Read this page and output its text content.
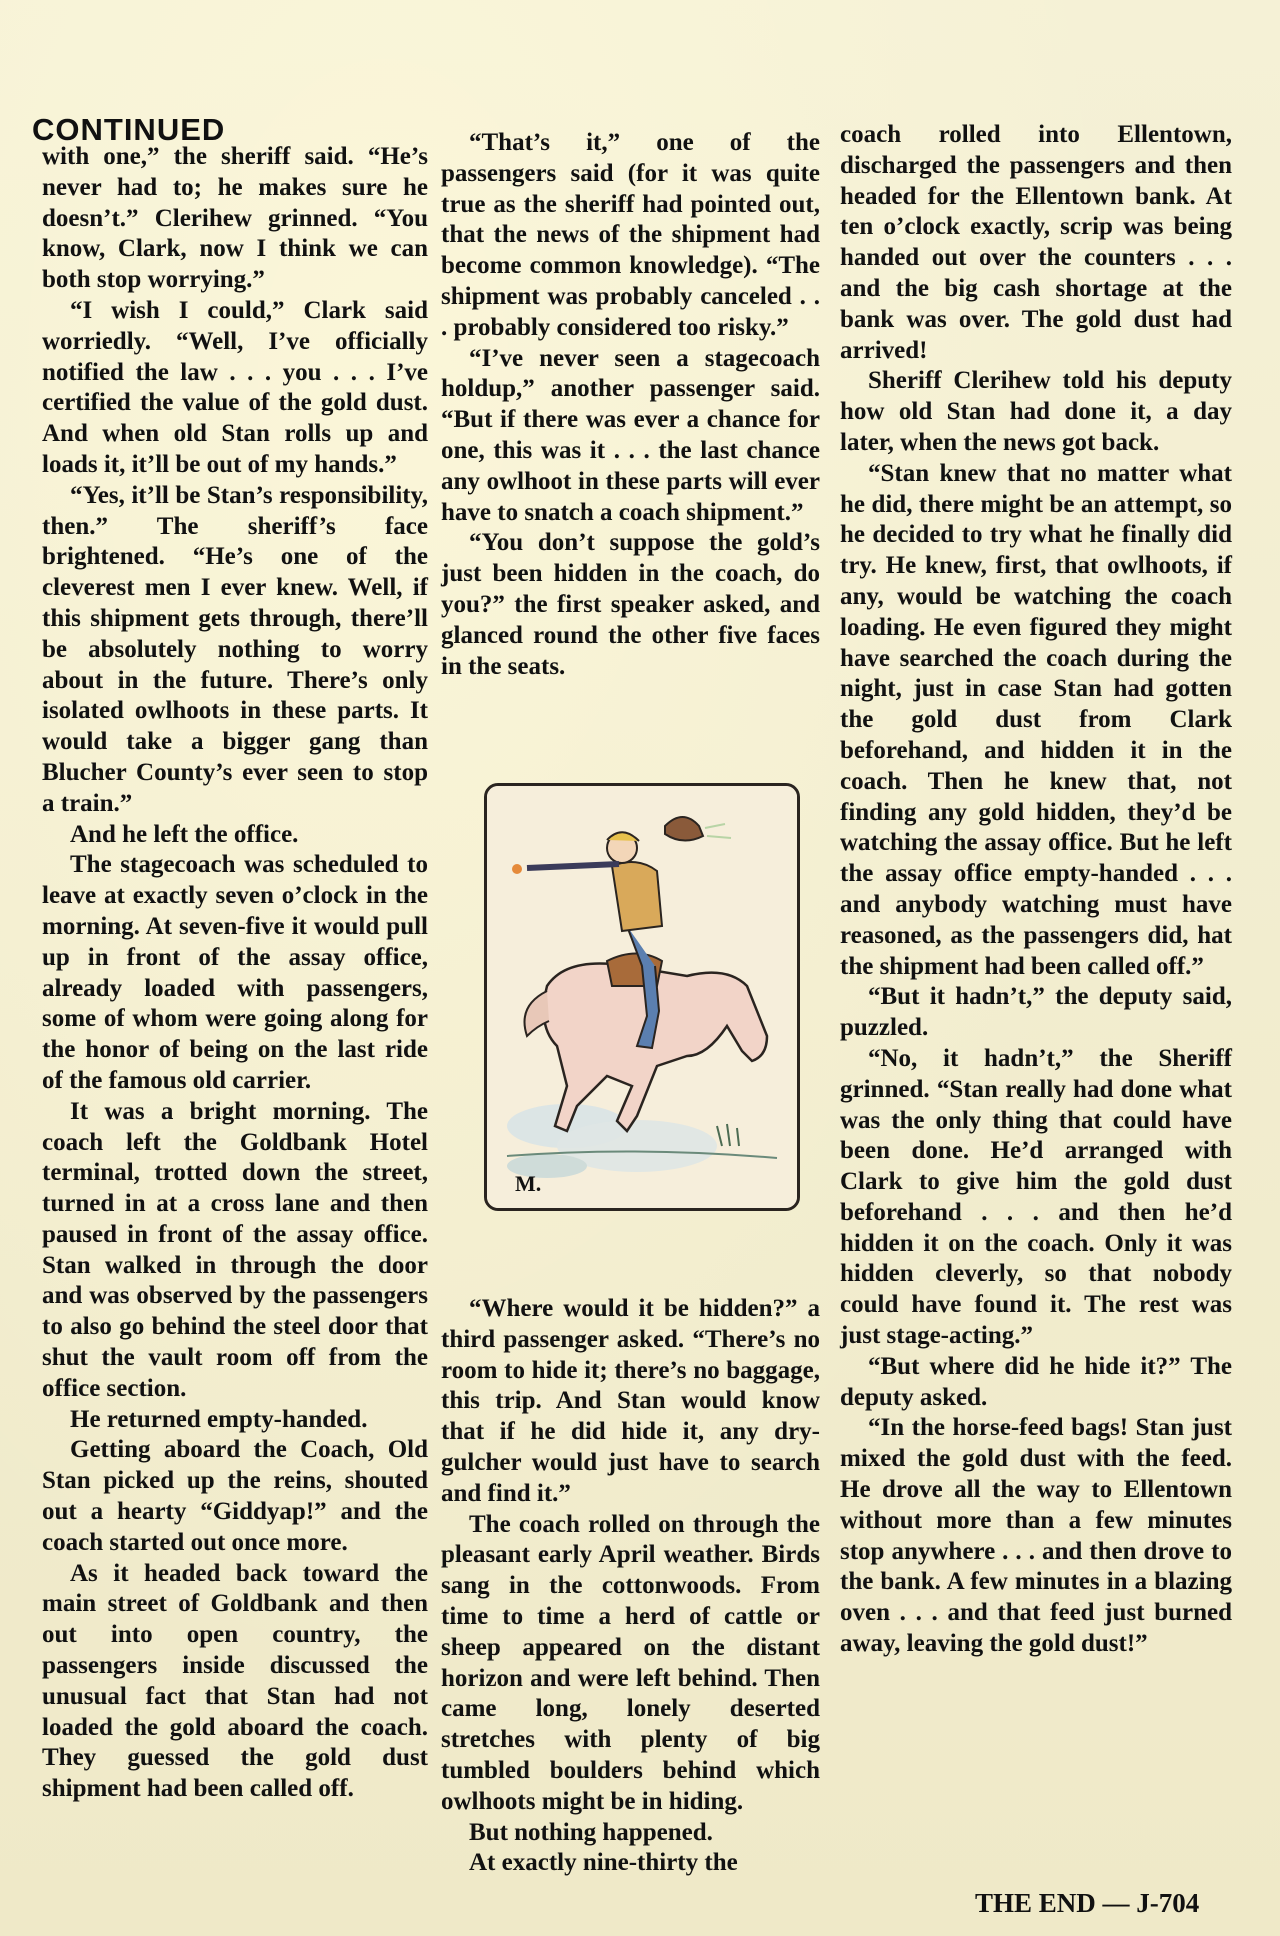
CONTINUED

with one,” the sheriff said. “He’s never had to; he makes sure he doesn’t.” Clerihew grinned. “You know, Clark, now I think we can both stop worrying.”

“I wish I could,” Clark said worriedly. “Well, I’ve officially notified the law . . . you . . . I’ve certified the value of the gold dust. And when old Stan rolls up and loads it, it’ll be out of my hands.”

“Yes, it’ll be Stan’s responsibility, then.” The sheriff’s face brightened. “He’s one of the cleverest men I ever knew. Well, if this shipment gets through, there’ll be absolutely nothing to worry about in the future. There’s only isolated owlhoots in these parts. It would take a bigger gang than Blucher County’s ever seen to stop a train.”

And he left the office.

The stagecoach was scheduled to leave at exactly seven o’clock in the morning. At seven-five it would pull up in front of the assay office, already loaded with passengers, some of whom were going along for the honor of being on the last ride of the famous old carrier.

It was a bright morning. The coach left the Goldbank Hotel terminal, trotted down the street, turned in at a cross lane and then paused in front of the assay office. Stan walked in through the door and was observed by the passengers to also go behind the steel door that shut the vault room off from the office section.

He returned empty-handed.

Getting aboard the Coach, Old Stan picked up the reins, shouted out a hearty “Giddyap!” and the coach started out once more.

As it headed back toward the main street of Goldbank and then out into open country, the passengers inside discussed the unusual fact that Stan had not loaded the gold aboard the coach. They guessed the gold dust shipment had been called off.

“That’s it,” one of the passengers said (for it was quite true as the sheriff had pointed out, that the news of the shipment had become common knowledge). “The shipment was probably canceled . . . probably considered too risky.”

“I’ve never seen a stagecoach holdup,” another passenger said. “But if there was ever a chance for one, this was it . . . the last chance any owlhoot in these parts will ever have to snatch a coach shipment.”

“You don’t suppose the gold’s just been hidden in the coach, do you?” the first speaker asked, and glanced round the other five faces in the seats.

M.

“Where would it be hidden?” a third passenger asked. “There’s no room to hide it; there’s no baggage, this trip. And Stan would know that if he did hide it, any dry-gulcher would just have to search and find it.”

The coach rolled on through the pleasant early April weather. Birds sang in the cottonwoods. From time to time a herd of cattle or sheep appeared on the distant horizon and were left behind. Then came long, lonely deserted stretches with plenty of big tumbled boulders behind which owlhoots might be in hiding.

But nothing happened.

At exactly nine-thirty the

coach rolled into Ellentown, discharged the passengers and then headed for the Ellentown bank. At ten o’clock exactly, scrip was being handed out over the counters . . . and the big cash shortage at the bank was over. The gold dust had arrived!

Sheriff Clerihew told his deputy how old Stan had done it, a day later, when the news got back.

“Stan knew that no matter what he did, there might be an attempt, so he decided to try what he finally did try. He knew, first, that owlhoots, if any, would be watching the coach loading. He even figured they might have searched the coach during the night, just in case Stan had gotten the gold dust from Clark beforehand, and hidden it in the coach. Then he knew that, not finding any gold hidden, they’d be watching the assay office. But he left the assay office empty-handed . . . and anybody watching must have reasoned, as the passengers did, hat the shipment had been called off.”

“But it hadn’t,” the deputy said, puzzled.

“No, it hadn’t,” the Sheriff grinned. “Stan really had done what was the only thing that could have been done. He’d arranged with Clark to give him the gold dust beforehand . . . and then he’d hidden it on the coach. Only it was hidden cleverly, so that nobody could have found it. The rest was just stage-acting.”

“But where did he hide it?” The deputy asked.

“In the horse-feed bags! Stan just mixed the gold dust with the feed. He drove all the way to Ellentown without more than a few minutes stop anywhere . . . and then drove to the bank. A few minutes in a blazing oven . . . and that feed just burned away, leaving the gold dust!”

THE END — J-704
